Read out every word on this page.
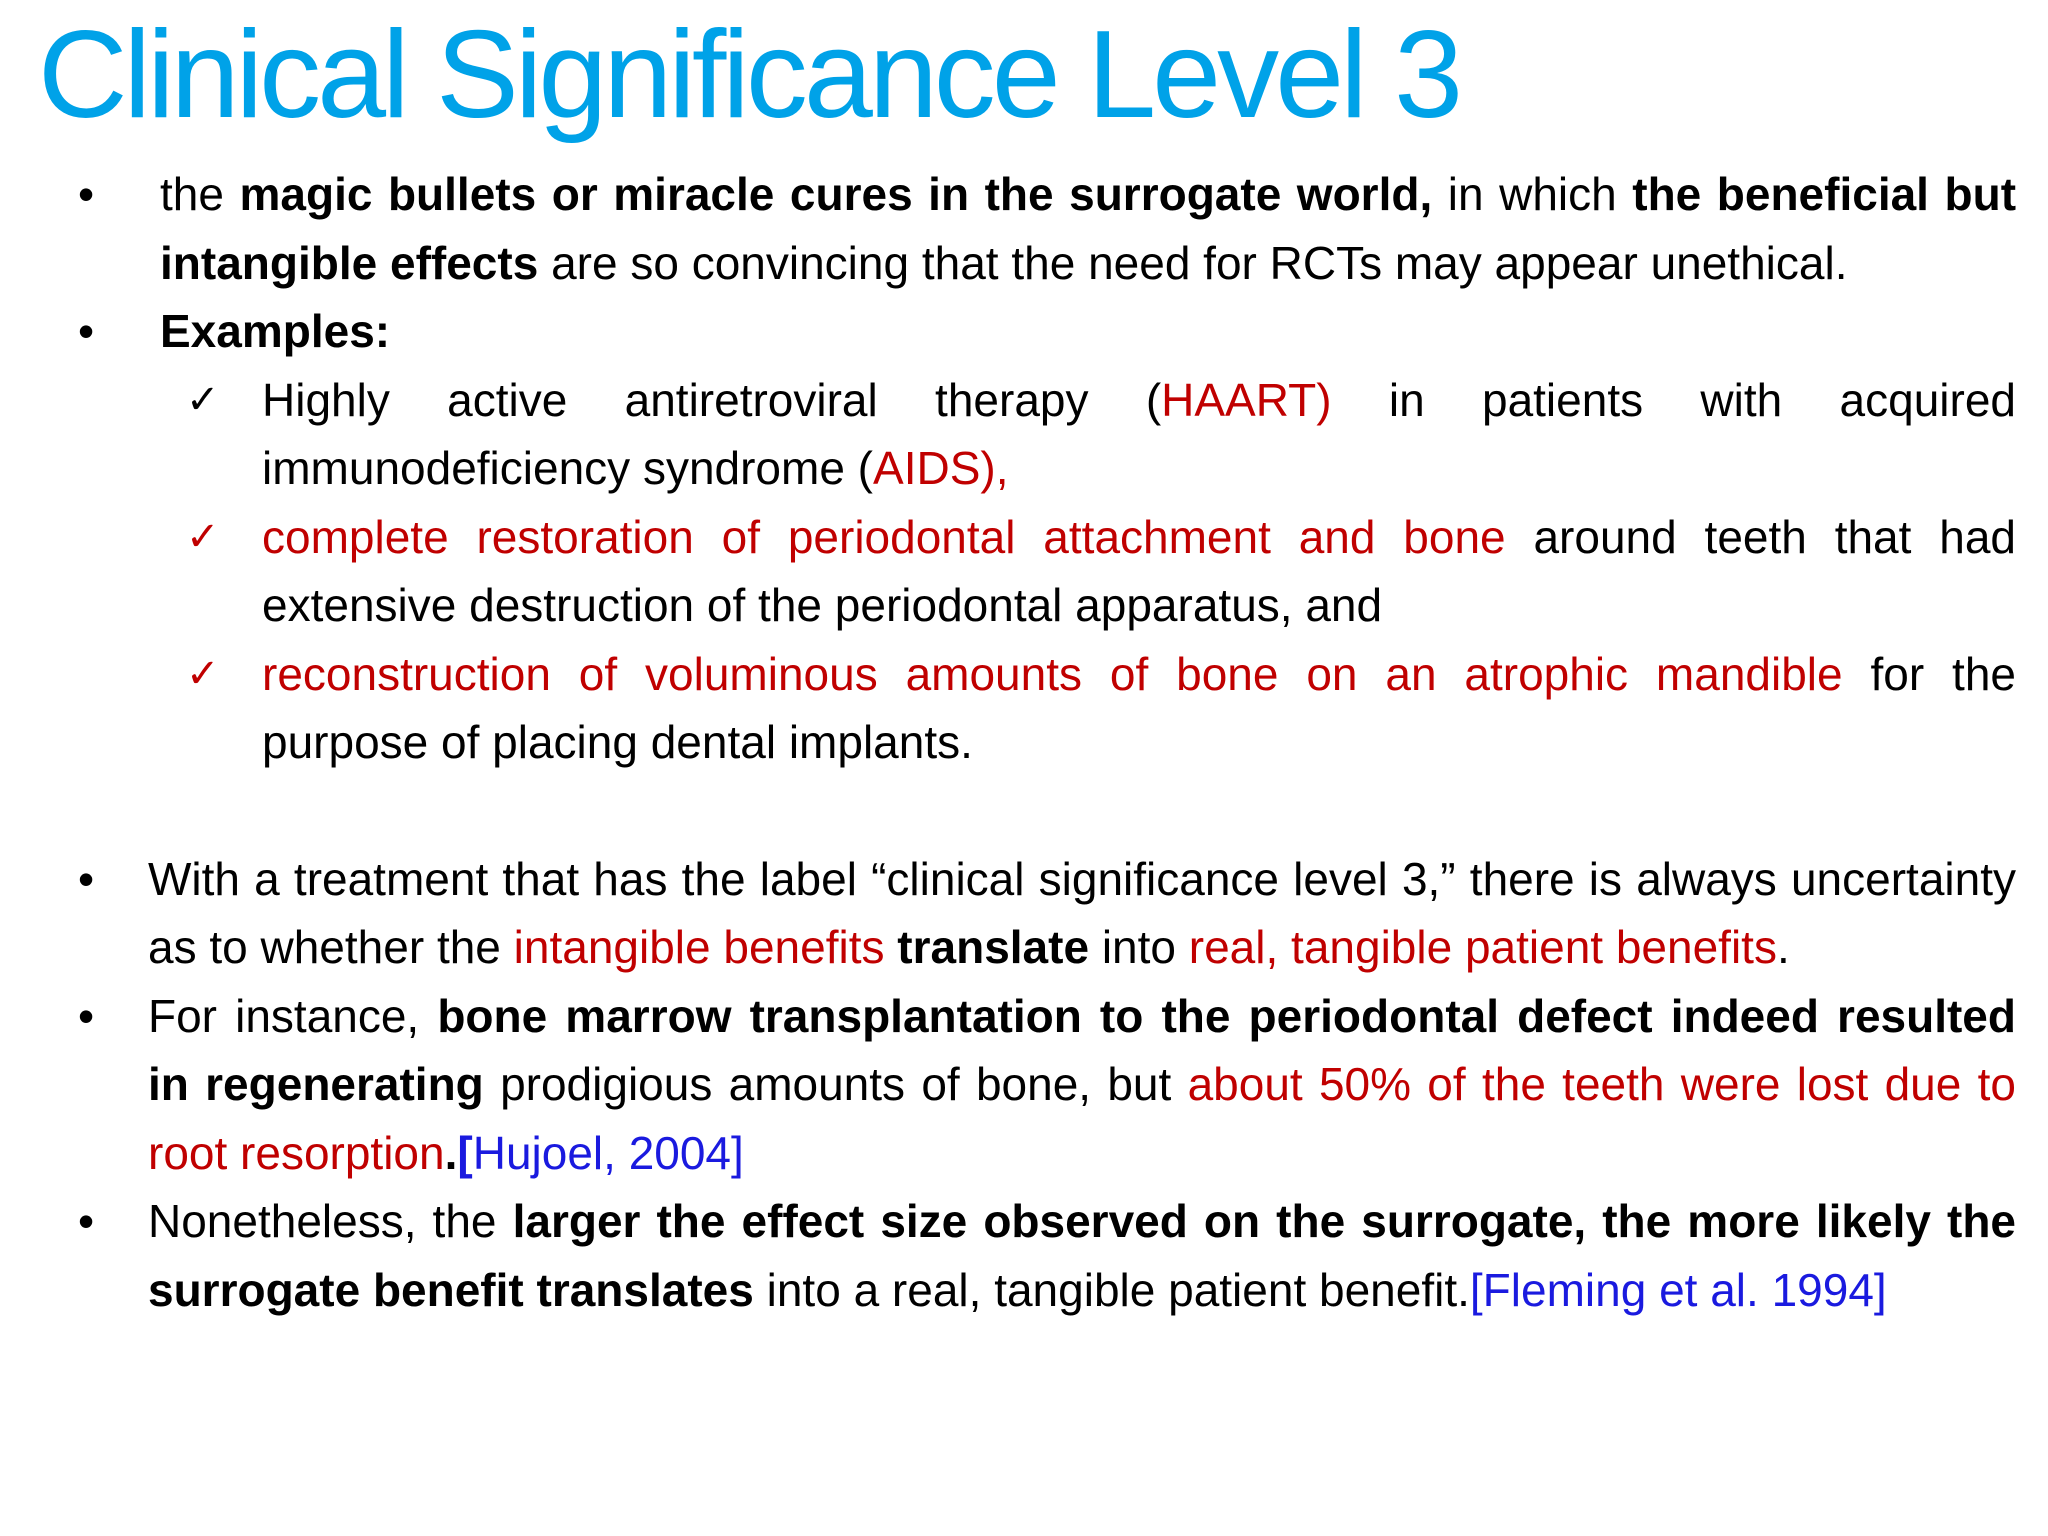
Clinical Significance Level 3

•	the magic bullets or miracle cures in the surrogate world, in which the beneficial but intangible effects are so convincing that the need for RCTs may appear unethical.

•	Examples:

✓ Highly active antiretroviral therapy (HAART) in patients with acquired immunodeficiency syndrome (AIDS),

✓ complete restoration of periodontal attachment and bone around teeth that had extensive destruction of the periodontal apparatus, and

✓ reconstruction of voluminous amounts of bone on an atrophic mandible for the purpose of placing dental implants.

•	With a treatment that has the label “clinical significance level 3,” there is always uncertainty as to whether the intangible benefits translate into real, tangible patient benefits.

•	For instance, bone marrow transplantation to the periodontal defect indeed resulted in regenerating prodigious amounts of bone, but about 50% of the teeth were lost due to root resorption.[Hujoel, 2004]

•	Nonetheless, the larger the effect size observed on the surrogate, the more likely the surrogate benefit translates into a real, tangible patient benefit.[Fleming et al. 1994]
